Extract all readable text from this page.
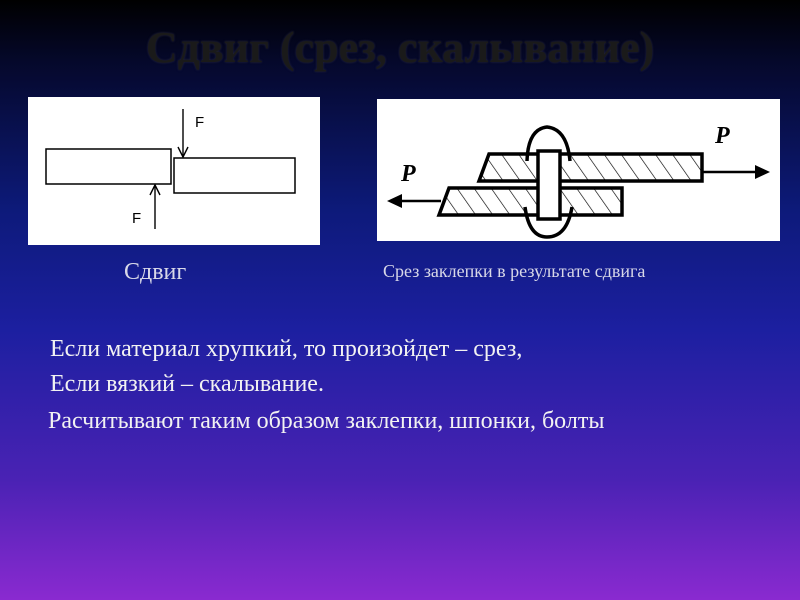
Сдвиг (срез, скалывание)
F
F
P
P
Сдвиг	Срез заклепки в результате сдвига
Если материал хрупкий, то произойдет – срез,
Если вязкий – скалывание.
Расчитывают таким образом заклепки, шпонки, болты
